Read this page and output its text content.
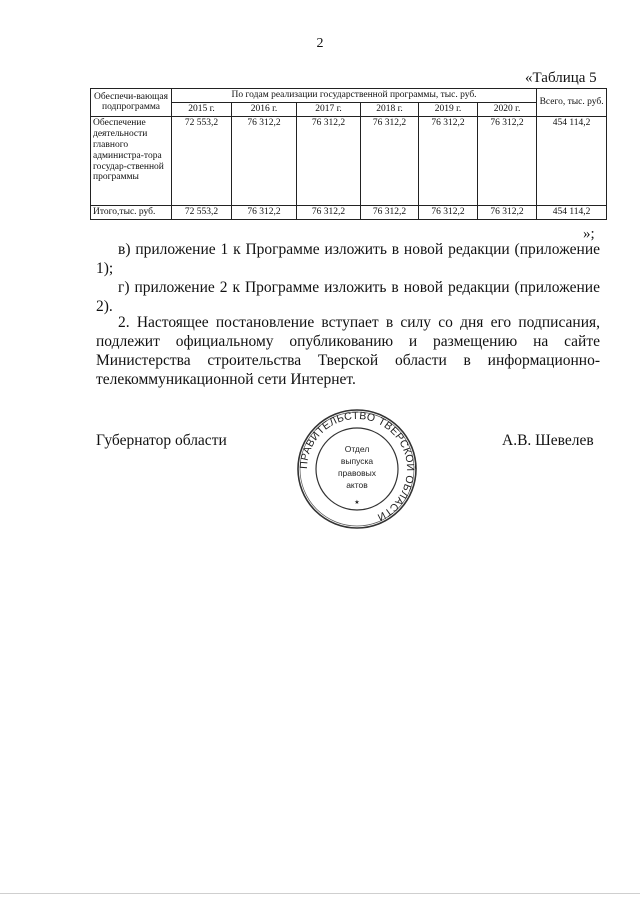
2
«Таблица 5
Обеспечи-вающая подпрограмма	По годам реализации государственной программы, тыс. руб.						Всего, тыс. руб.
	2015 г.	2016 г.	2017 г.	2018 г.	2019 г.	2020 г.	
Обеспечение деятельности главного администра-тора государ-ственной программы	72 553,2	76 312,2	76 312,2	76 312,2	76 312,2	76 312,2	454 114,2
Итого,тыс. руб.	72 553,2	76 312,2	76 312,2	76 312,2	76 312,2	76 312,2	454 114,2
»;
в) приложение 1 к Программе изложить в новой редакции (приложение 1);
г) приложение 2 к Программе изложить в новой редакции (приложение 2).
2. Настоящее постановление вступает в силу со дня его подписания, подлежит официальному опубликованию и размещению на сайте Министерства строительства Тверской области в информационно-телекоммуникационной сети Интернет.
Губернатор области	А.В. Шевелев
ПРАВИТЕЛЬСТВО ТВЕРСКОЙ ОБЛАСТИ
★
Отдел
выпуска
правовых
актов
